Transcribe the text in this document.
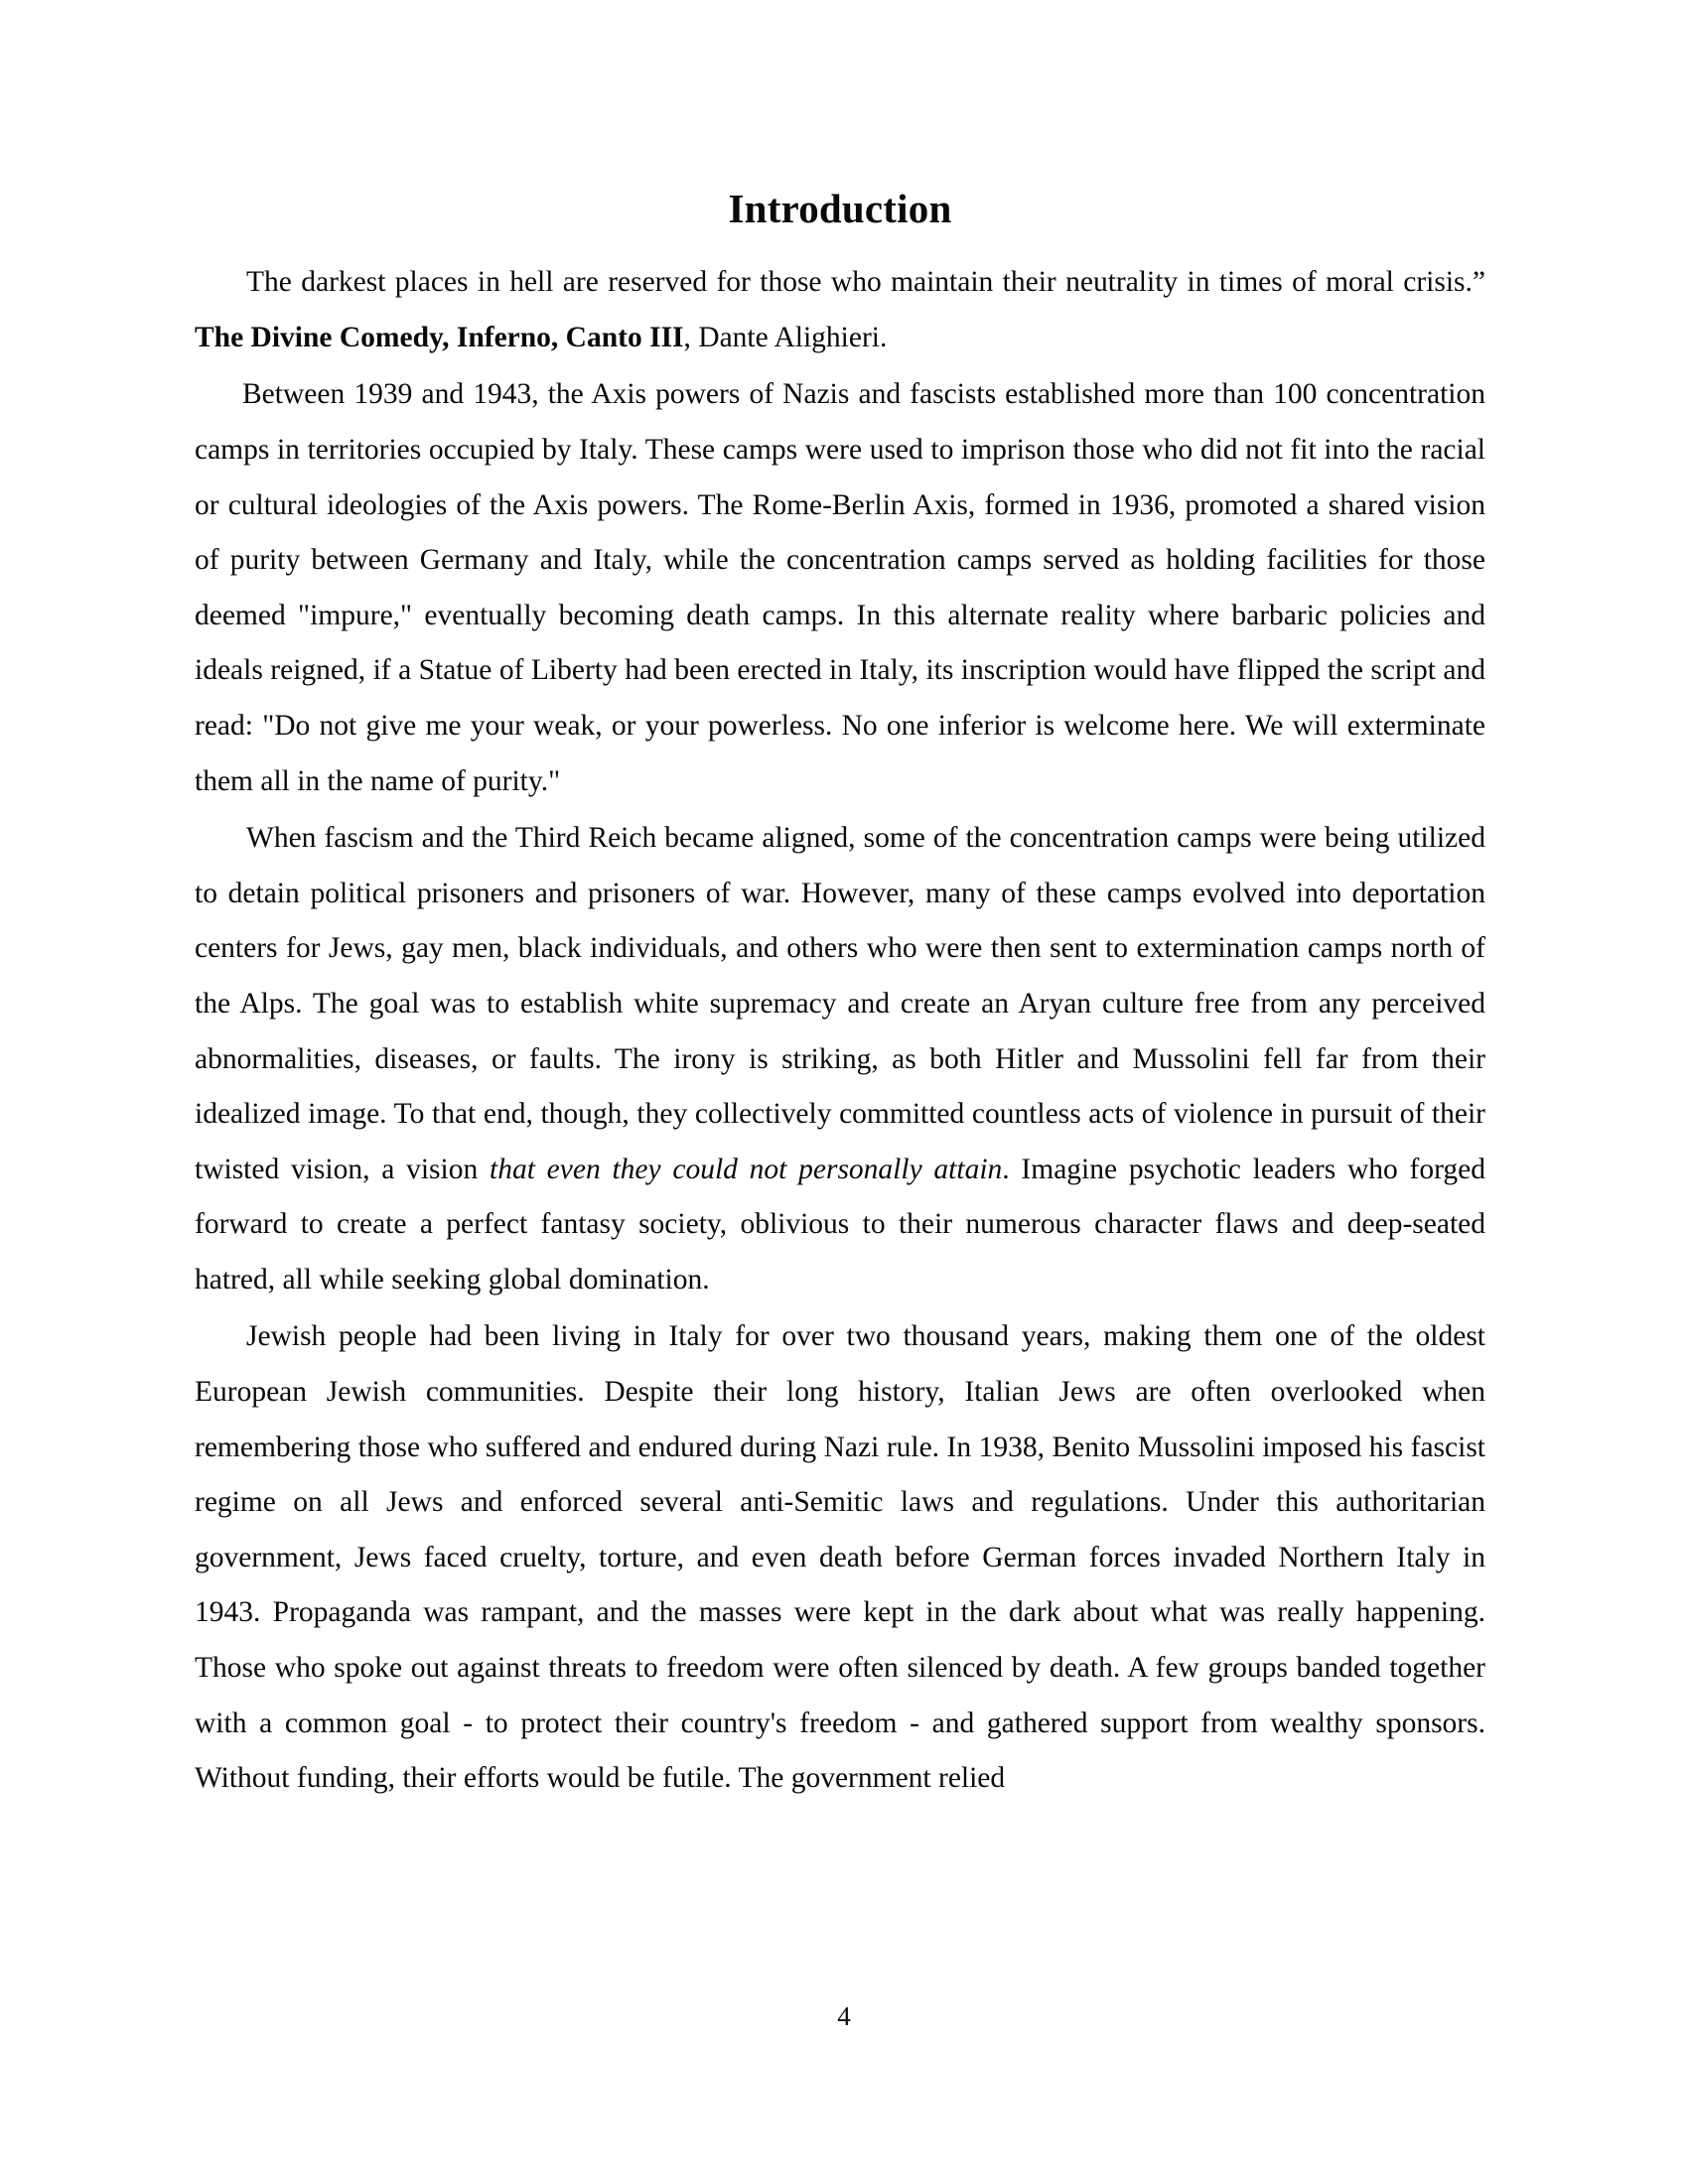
Introduction

The darkest places in hell are reserved for those who maintain their neutrality in times of moral crisis.” The Divine Comedy, Inferno, Canto III, Dante Alighieri.

Between 1939 and 1943, the Axis powers of Nazis and fascists established more than 100 concentration camps in territories occupied by Italy. These camps were used to imprison those who did not fit into the racial or cultural ideologies of the Axis powers. The Rome-Berlin Axis, formed in 1936, promoted a shared vision of purity between Germany and Italy, while the concentration camps served as holding facilities for those deemed "impure," eventually becoming death camps. In this alternate reality where barbaric policies and ideals reigned, if a Statue of Liberty had been erected in Italy, its inscription would have flipped the script and read: "Do not give me your weak, or your powerless. No one inferior is welcome here. We will exterminate them all in the name of purity."

When fascism and the Third Reich became aligned, some of the concentration camps were being utilized to detain political prisoners and prisoners of war. However, many of these camps evolved into deportation centers for Jews, gay men, black individuals, and others who were then sent to extermination camps north of the Alps. The goal was to establish white supremacy and create an Aryan culture free from any perceived abnormalities, diseases, or faults. The irony is striking, as both Hitler and Mussolini fell far from their idealized image. To that end, though, they collectively committed countless acts of violence in pursuit of their twisted vision, a vision that even they could not personally attain. Imagine psychotic leaders who forged forward to create a perfect fantasy society, oblivious to their numerous character flaws and deep-seated hatred, all while seeking global domination.

Jewish people had been living in Italy for over two thousand years, making them one of the oldest European Jewish communities. Despite their long history, Italian Jews are often overlooked when remembering those who suffered and endured during Nazi rule. In 1938, Benito Mussolini imposed his fascist regime on all Jews and enforced several anti-Semitic laws and regulations. Under this authoritarian government, Jews faced cruelty, torture, and even death before German forces invaded Northern Italy in 1943. Propaganda was rampant, and the masses were kept in the dark about what was really happening. Those who spoke out against threats to freedom were often silenced by death. A few groups banded together with a common goal - to protect their country's freedom - and gathered support from wealthy sponsors. Without funding, their efforts would be futile. The government relied

4
